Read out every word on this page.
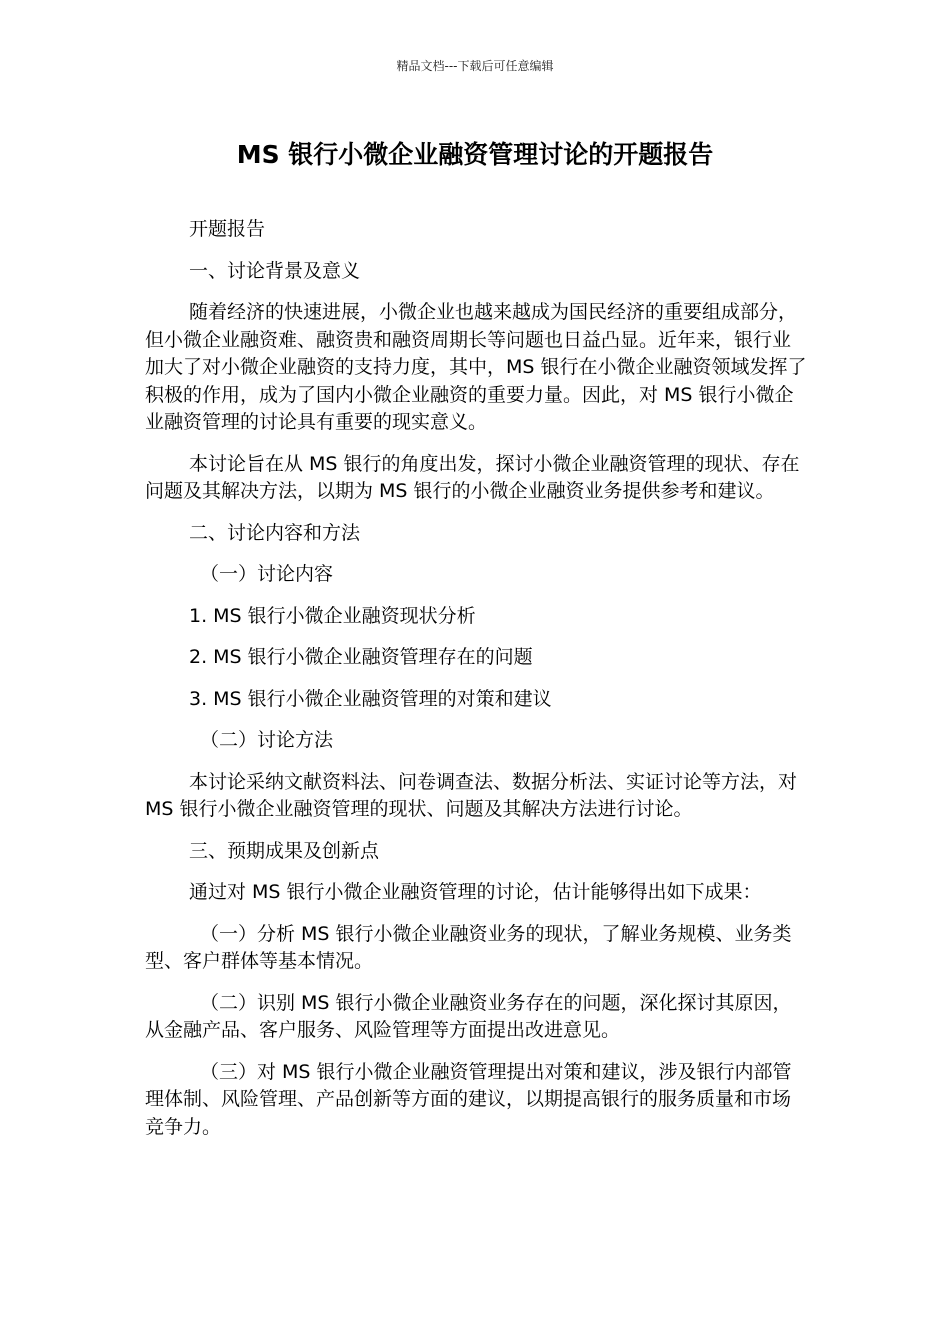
精品文档---下载后可任意编辑
MS 银行小微企业融资管理讨论的开题报告

开题报告

一、讨论背景及意义

随着经济的快速进展，小微企业也越来越成为国民经济的重要组成部分，但小微企业融资难、融资贵和融资周期长等问题也日益凸显。近年来，银行业加大了对小微企业融资的支持力度，其中，MS 银行在小微企业融资领域发挥了积极的作用，成为了国内小微企业融资的重要力量。因此，对 MS 银行小微企业融资管理的讨论具有重要的现实意义。

本讨论旨在从 MS 银行的角度出发，探讨小微企业融资管理的现状、存在问题及其解决方法，以期为 MS 银行的小微企业融资业务提供参考和建议。

二、讨论内容和方法

（一）讨论内容

1. MS 银行小微企业融资现状分析

2. MS 银行小微企业融资管理存在的问题

3. MS 银行小微企业融资管理的对策和建议

（二）讨论方法

本讨论采纳文献资料法、问卷调查法、数据分析法、实证讨论等方法，对 MS 银行小微企业融资管理的现状、问题及其解决方法进行讨论。

三、预期成果及创新点

通过对 MS 银行小微企业融资管理的讨论，估计能够得出如下成果：

（一）分析 MS 银行小微企业融资业务的现状，了解业务规模、业务类型、客户群体等基本情况。

（二）识别 MS 银行小微企业融资业务存在的问题，深化探讨其原因，从金融产品、客户服务、风险管理等方面提出改进意见。

（三）对 MS 银行小微企业融资管理提出对策和建议，涉及银行内部管理体制、风险管理、产品创新等方面的建议，以期提高银行的服务质量和市场竞争力。
